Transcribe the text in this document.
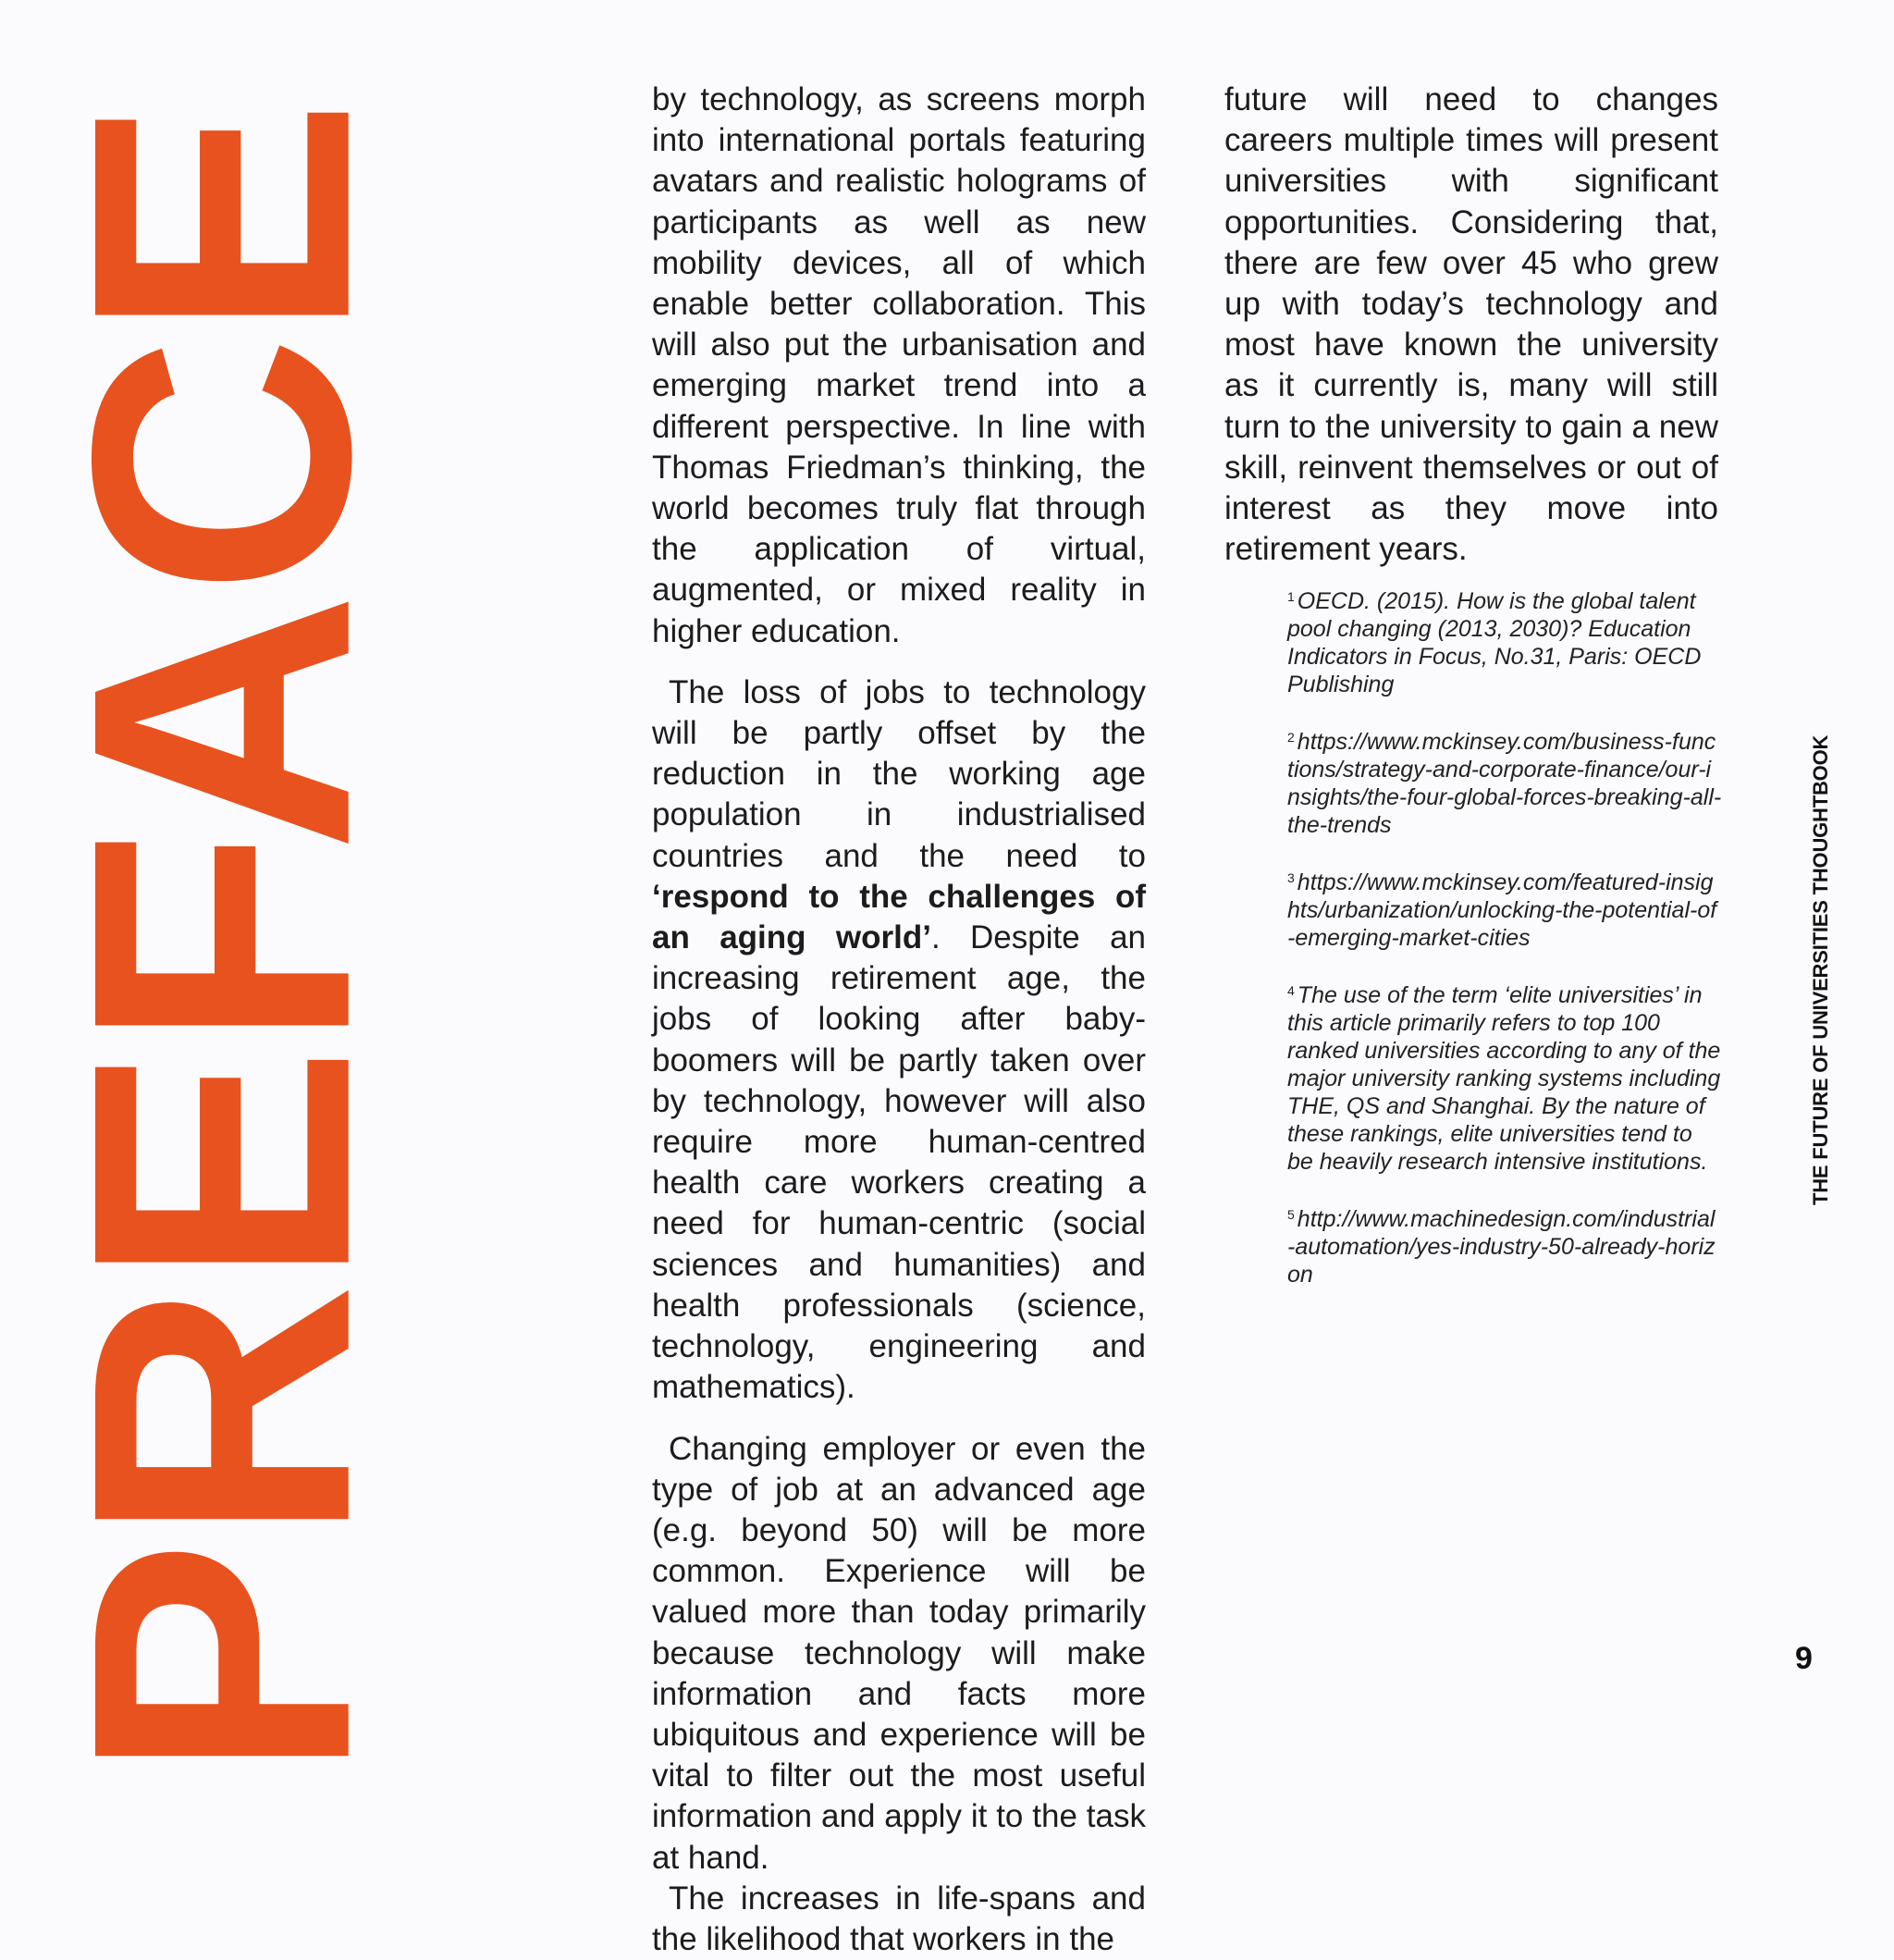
PREFACE

by technology, as screens morph into international portals featuring avatars and realistic holograms of participants as well as new mobility devices, all of which enable better collaboration. This will also put the urbanisation and emerging market trend into a different perspective. In line with Thomas Friedman’s thinking, the world becomes truly flat through the application of virtual, augmented, or mixed reality in higher education.

The loss of jobs to technology will be partly offset by the reduction in the working age population in industrialised countries and the need to ‘respond to the challenges of an aging world’. Despite an increasing retirement age, the jobs of looking after baby-boomers will be partly taken over by technology, however will also require more human-centred health care workers creating a need for human-centric (social sciences and humanities) and health professionals (science, technology, engineering and mathematics).

Changing employer or even the type of job at an advanced age (e.g. beyond 50) will be more common. Experience will be valued more than today primarily because technology will make information and facts more ubiquitous and experience will be vital to filter out the most useful information and apply it to the task at hand.

The increases in life-spans and the likelihood that workers in the

future will need to changes careers multiple times will present universities with significant opportunities. Considering that, there are few over 45 who grew up with today’s technology and most have known the university as it currently is, many will still turn to the university to gain a new skill, reinvent themselves or out of interest as they move into retirement years.

$^1$ OECD. (2015). How is the global talent pool changing (2013, 2030)? Education Indicators in Focus, No.31, Paris: OECD Publishing

$^2$ https://www.mckinsey.com/business-functions/strategy-and-corporate-finance/our-insights/the-four-global-forces-breaking-all-the-trends

$^3$ https://www.mckinsey.com/featured-insights/urbanization/unlocking-the-potential-of-emerging-market-cities

$^4$ The use of the term ‘elite universities’ in this article primarily refers to top 100 ranked universities according to any of the major university ranking systems including THE, QS and Shanghai. By the nature of these rankings, elite universities tend to be heavily research intensive institutions.

$^5$ http://www.machinedesign.com/industrial-automation/yes-industry-50-already-horizon

THE FUTURE OF UNIVERSITIES THOUGHTBOOK
9
